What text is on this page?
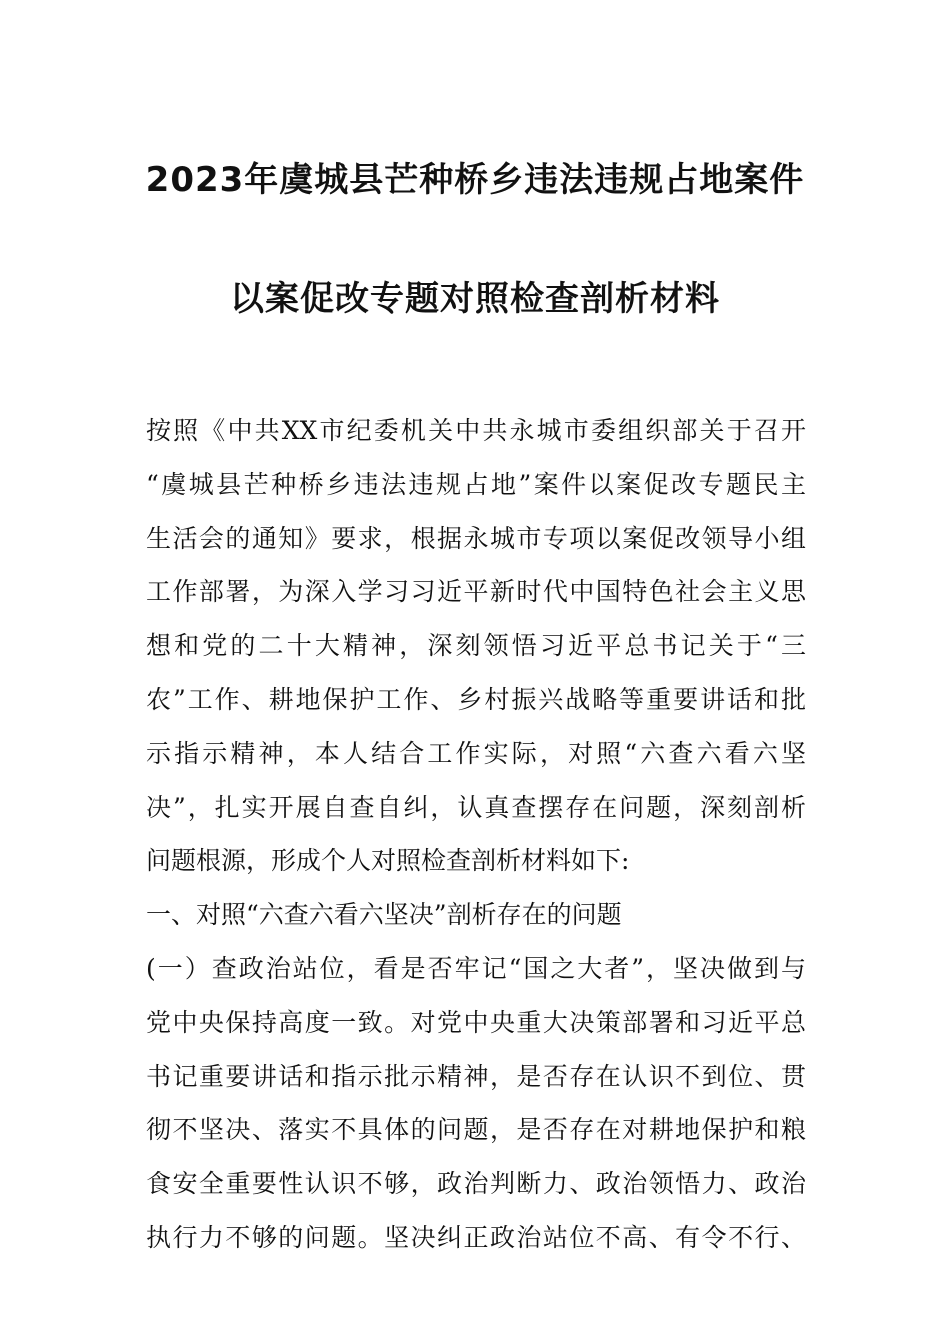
2023年虞城县芒种桥乡违法违规占地案件
以案促改专题对照检查剖析材料
按照《中共XX市纪委机关中共永城市委组织部关于召开
“虞城县芒种桥乡违法违规占地”案件以案促改专题民主
生活会的通知》要求，根据永城市专项以案促改领导小组
工作部署，为深入学习习近平新时代中国特色社会主义思
想和党的二十大精神，深刻领悟习近平总书记关于“三
农”工作、耕地保护工作、乡村振兴战略等重要讲话和批
示指示精神，本人结合工作实际，对照“六查六看六坚
决”，扎实开展自查自纠，认真查摆存在问题，深刻剖析
问题根源，形成个人对照检查剖析材料如下:
一、对照“六查六看六坚决”剖析存在的问题
(一）查政治站位，看是否牢记“国之大者”，坚决做到与
党中央保持高度一致。对党中央重大决策部署和习近平总
书记重要讲话和指示批示精神，是否存在认识不到位、贯
彻不坚决、落实不具体的问题，是否存在对耕地保护和粮
食安全重要性认识不够，政治判断力、政治领悟力、政治
执行力不够的问题。坚决纠正政治站位不高、有令不行、
